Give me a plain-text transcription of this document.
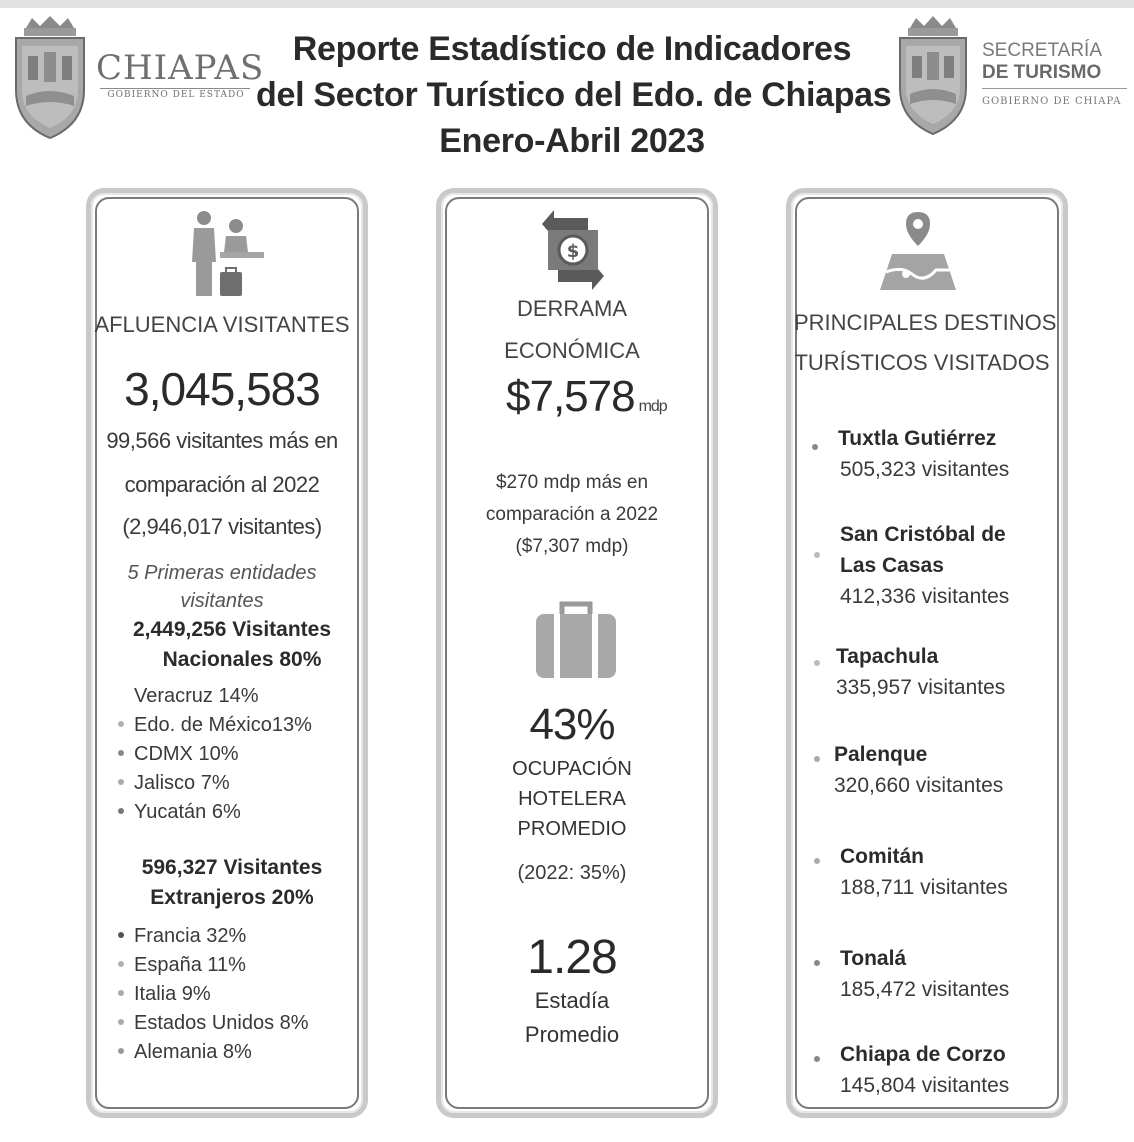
CHIAPAS
GOBIERNO DEL ESTADO
Reporte Estadístico de Indicadores
del Sector Turístico del Edo. de Chiapas
Enero-Abril 2023
SECRETARÍA
DE TURISMO
GOBIERNO DE CHIAPA
AFLUENCIA VISITANTES
3,045,583
99,566 visitantes más en
comparación al 2022
(2,946,017 visitantes)
5 Primeras entidades
visitantes
2,449,256 Visitantes
Nacionales 80%
Veracruz 14%
Edo. de México13%
CDMX 10%
Jalisco 7%
Yucatán 6%
596,327 Visitantes
Extranjeros 20%
Francia 32%
España 11%
Italia 9%
Estados Unidos 8%
Alemania 8%
$
DERRAMA
ECONÓMICA
$7,578 mdp
$270 mdp más en
comparación a 2022
($7,307 mdp)
43%
OCUPACIÓN
HOTELERA
PROMEDIO
(2022: 35%)
1.28
Estadía
Promedio
PRINCIPALES DESTINOS
TURÍSTICOS VISITADOS
Tuxtla Gutiérrez
505,323 visitantes
San Cristóbal de
Las Casas
412,336 visitantes
Tapachula
335,957 visitantes
Palenque
320,660 visitantes
Comitán
188,711 visitantes
Tonalá
185,472 visitantes
Chiapa de Corzo
145,804 visitantes
